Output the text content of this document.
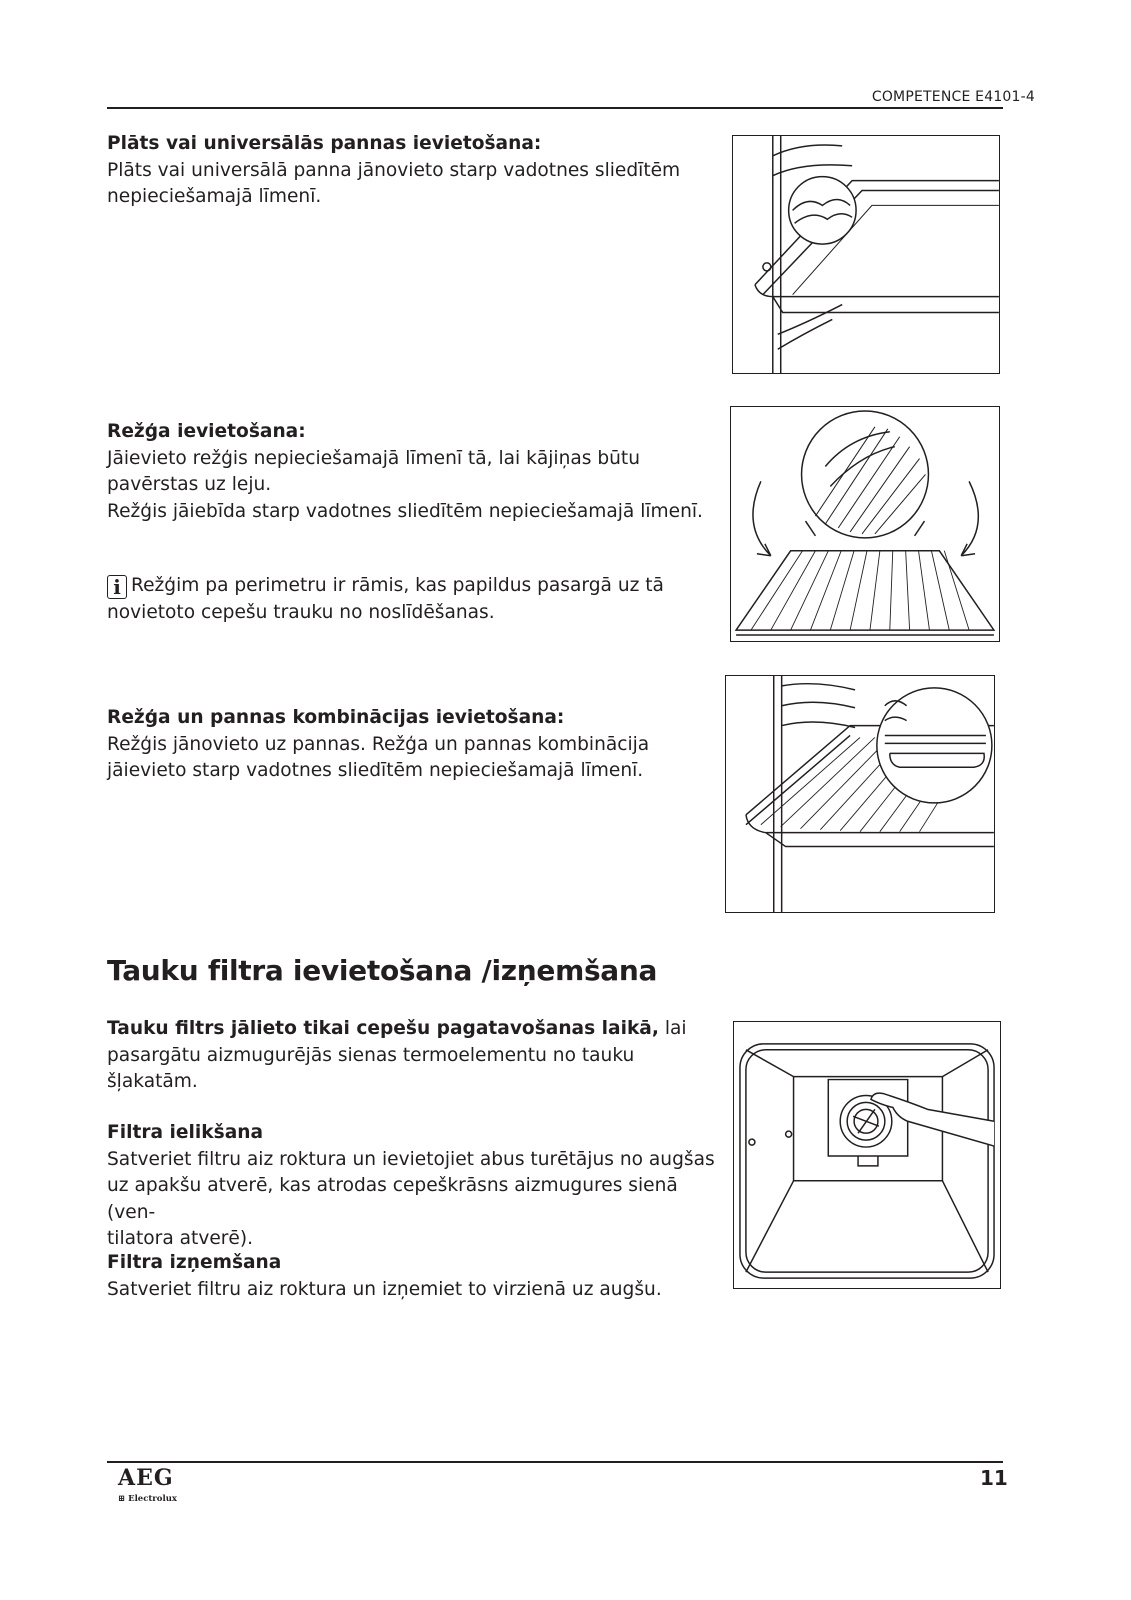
COMPETENCE E4101-4
Plāts vai universālās pannas ievietošana:
Plāts vai universālā panna jānovieto starp vadotnes sliedītēm
nepieciešamajā līmenī.
Režģa ievietošana:
Jāievieto režģis nepieciešamajā līmenī tā, lai kājiņas būtu
pavērstas uz leju.
Režģis jāiebīda starp vadotnes sliedītēm nepieciešamajā līmenī.
i Režģim pa perimetru ir rāmis, kas papildus pasargā uz tā
novietoto cepešu trauku no noslīdēšanas.
Režģa un pannas kombinācijas ievietošana:
Režģis jānovieto uz pannas. Režģa un pannas kombinācija
jāievieto starp vadotnes sliedītēm nepieciešamajā līmenī.
Tauku filtra ievietošana /izņemšana
Tauku filtrs jālieto tikai cepešu pagatavošanas laikā, lai
pasargātu aizmugurējās sienas termoelementu no tauku
šļakatām.
Filtra ielikšana
Satveriet filtru aiz roktura un ievietojiet abus turētājus no augšas
uz apakšu atverē, kas atrodas cepeškrāsns aizmugures sienā (ven-
tilatora atverē).
Filtra izņemšana
Satveriet filtru aiz roktura un izņemiet to virzienā uz augšu.
AEG
⊞ Electrolux
11
